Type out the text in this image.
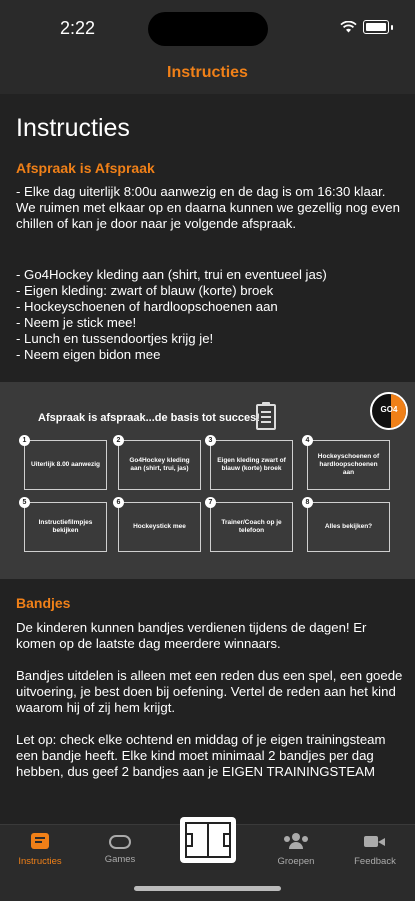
2:22
Instructies
Instructies
Afspraak is Afspraak

- Elke dag uiterlijk 8:00u aanwezig en de dag is om 16:30 klaar. We ruimen met elkaar op en daarna kunnen we gezellig nog even chillen of kan je door naar je volgende afspraak.

- Go4Hockey kleding aan (shirt, trui en eventueel jas)
- Eigen kleding: zwart of blauw (korte) broek
- Hockeyschoenen of hardloopschoenen aan
- Neem je stick mee!
- Lunch en tussendoortjes krijg je!
- Neem eigen bidon mee
Afspraak is afspraak...de basis tot succes!
GO4
Uiterlijk 8.00 aanwezig
1
Go4Hockey kleding aan (shirt, trui, jas)
2
Eigen kleding zwart of blauw (korte) broek
3
Hockeyschoenen of hardloopschoenen aan
4
Instructiefilmpjes bekijken
5
Hockeystick mee
6
Trainer/Coach op je telefoon
7
Alles bekijken?
8
Bandjes

De kinderen kunnen bandjes verdienen tijdens de dagen! Er komen op de laatste dag meerdere winnaars.

Bandjes uitdelen is alleen met een reden dus een spel, een goede uitvoering, je best doen bij oefening. Vertel de reden aan het kind waarom hij of zij hem krijgt.

Let op: check elke ochtend en middag of je eigen trainingsteam een bandje heeft. Elke kind moet minimaal 2 bandjes per dag hebben, dus geef 2 bandjes aan je EIGEN TRAININGSTEAM

Instructies	Games	Groepen	Feedback
